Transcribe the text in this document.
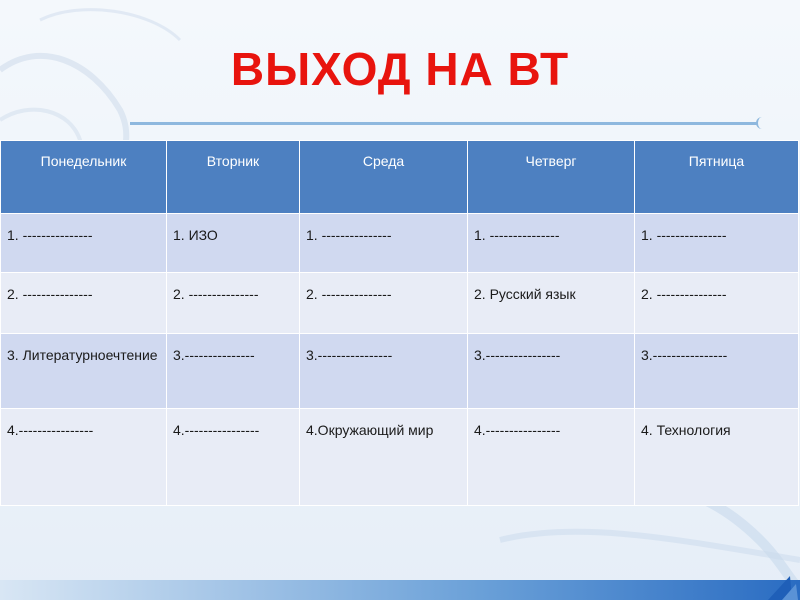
ВЫХОД НА ВТ
Понедельник	Вторник	Среда	Четверг	Пятница
1. ---------------	1. ИЗО	1. ---------------	1. ---------------	1. ---------------
2. ---------------	2. ---------------	2. ---------------	2. Русский язык	2. ---------------
3. Литературноечтение	3.---------------	3.----------------	3.----------------	3.----------------
4.----------------	4.----------------	4.Окружающий мир	4.----------------	4. Технология
